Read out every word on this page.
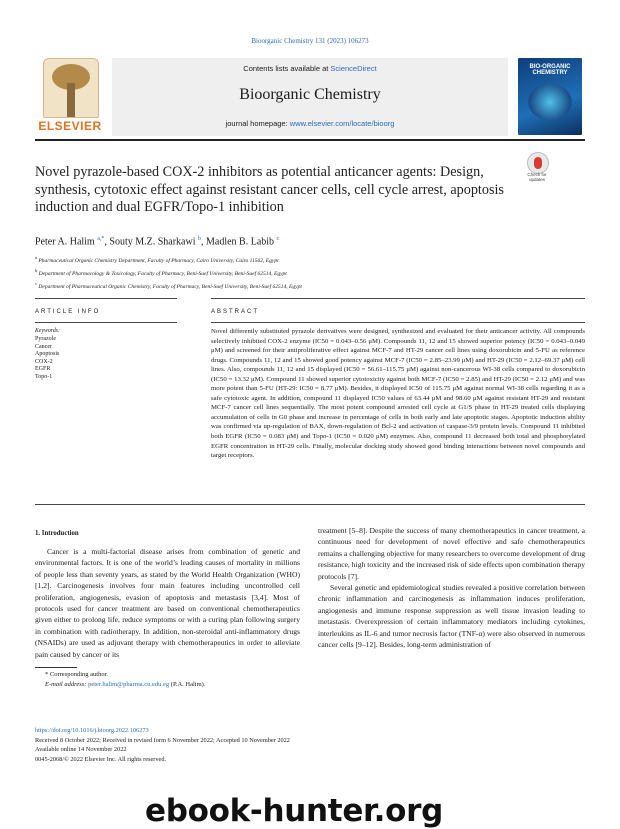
Bioorganic Chemistry 131 (2023) 106273
ELSEVIER
Contents lists available at ScienceDirect
Bioorganic Chemistry
journal homepage: www.elsevier.com/locate/bioorg
BIO-ORGANIC CHEMISTRY
Check for updates
Novel pyrazole-based COX-2 inhibitors as potential anticancer agents: Design, synthesis, cytotoxic effect against resistant cancer cells, cell cycle arrest, apoptosis induction and dual EGFR/Topo-1 inhibition
Peter A. Halim $^{a,*}$, Souty M.Z. Sharkawi $^b$, Madlen B. Labib $^c$
$^a$ Pharmaceutical Organic Chemistry Department, Faculty of Pharmacy, Cairo University, Cairo 11562, Egypt
$^b$ Department of Pharmacology & Toxicology, Faculty of Pharmacy, Beni-Suef University, Beni-Suef 62514, Egypt
$^c$ Department of Pharmaceutical Organic Chemistry, Faculty of Pharmacy, Beni-Suef University, Beni-Suef 62514, Egypt
ARTICLE INFO	ABSTRACT
Keywords:
Pyrazole
Cancer
Apoptosis
COX-2
EGFR
Topo-1
Novel differently substituted pyrazole derivatives were designed, synthesized and evaluated for their anticancer activity. All compounds selectively inhibited COX-2 enzyme (IC50 = 0.043–0.56 μM). Compounds 11, 12 and 15 showed superior potency (IC50 = 0.043–0.049 μM) and screened for their antiproliferative effect against MCF-7 and HT-29 cancer cell lines using doxorubicin and 5-FU as reference drugs. Compounds 11, 12 and 15 showed good potency against MCF-7 (IC50 = 2.85–23.99 μM) and HT-29 (IC50 = 2.12–69.37 μM) cell lines. Also, compounds 11, 12 and 15 displayed (IC50 = 56.61–115.75 μM) against non-cancerous WI-38 cells compared to doxorubicin (IC50 = 13.32 μM). Compound 11 showed superior cytotoxicity against both MCF-7 (IC50 = 2.85) and HT-29 (IC50 = 2.12 μM) and was more potent than 5-FU (HT-29: IC50 = 8.77 μM). Besides, it displayed IC50 of 115.75 μM against normal WI-38 cells regarding it as a safe cytotoxic agent. In addition, compound 11 displayed IC50 values of 63.44 μM and 98.60 μM against resistant HT-29 and resistant MCF-7 cancer cell lines sequentially. The most potent compound arrested cell cycle at G1/S phase in HT-29 treated cells displaying accumulation of cells in G0 phase and increase in percentage of cells in both early and late apoptotic stages. Apoptotic induction ability was confirmed via up-regulation of BAX, down-regulation of Bcl-2 and activation of caspase-3/9 protein levels. Compound 11 inhibited both EGFR (IC50 = 0.083 μM) and Topo-1 (IC50 = 0.020 μM) enzymes. Also, compound 11 decreased both total and phosphorylated EGFR concentration in HT-29 cells. Finally, molecular docking study showed good binding interactions between novel compounds and target receptors.
1. Introduction
Cancer is a multi-factorial disease arises from combination of genetic and environmental factors. It is one of the world’s leading causes of mortality in millions of people less than seventy years, as stated by the World Health Organization (WHO) [1,2]. Carcinogenesis involves four main features including uncontrolled cell proliferation, angiogenesis, evasion of apoptosis and metastasis [3,4]. Most of protocols used for cancer treatment are based on conventional chemotherapeutics given either to prolong life, reduce symptoms or with a curing plan following surgery in combination with radiotherapy. In addition, non-steroidal anti-inflammatory drugs (NSAIDs) are used as adjuvant therapy with chemotherapeutics in order to alleviate pain caused by cancer or its
treatment [5–8]. Despite the success of many chemotherapeutics in cancer treatment, a continuous need for development of novel effective and safe chemotherapeutics remains a challenging objective for many researchers to overcome development of drug resistance, high toxicity and the increased risk of side effects upon combination therapy protocols [7].
Several genetic and epidemiological studies revealed a positive correlation between chronic inflammation and carcinogenesis as inflammation induces proliferation, angiogenesis and immune response suppression as well tissue invasion leading to metastasis. Overexpression of certain inflammatory mediators including cytokines, interleukins as IL-6 and tumor necrosis factor (TNF-α) were also observed in numerous cancer cells [9–12]. Besides, long-term administration of
* Corresponding author.
E-mail address: peter.halim@pharma.cu.edu.eg (P.A. Halim).
https://doi.org/10.1016/j.bioorg.2022.106273
Received 8 October 2022; Received in revised form 6 November 2022; Accepted 10 November 2022
Available online 14 November 2022
0045-2068/© 2022 Elsevier Inc. All rights reserved.
ebook-hunter.org
